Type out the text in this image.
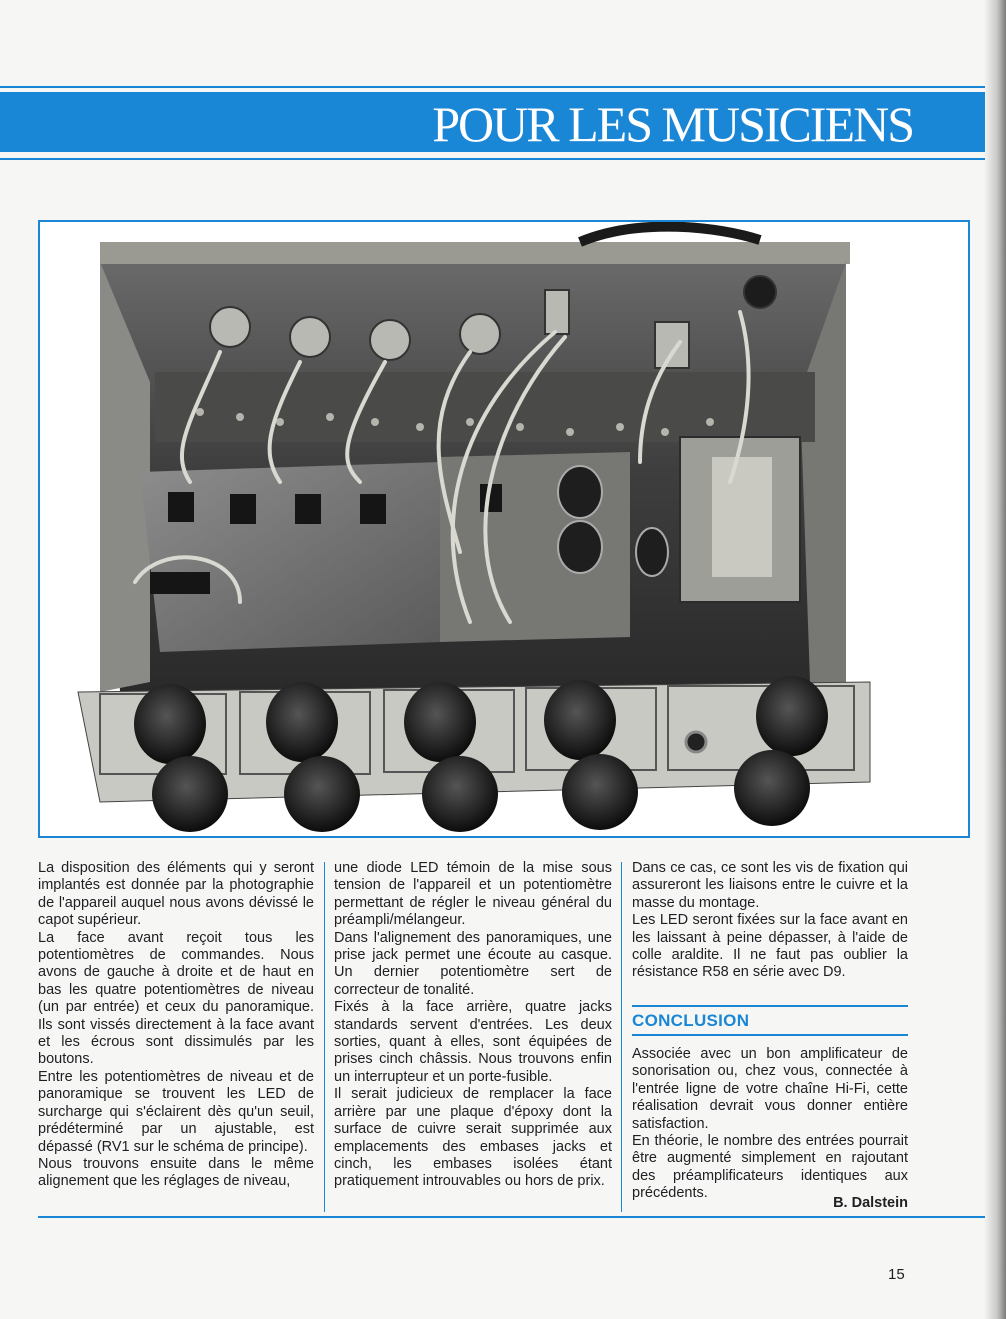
POUR LES MUSICIENS

La disposition des éléments qui y seront implantés est donnée par la photographie de l'appareil auquel nous avons dévissé le capot supérieur.

La face avant reçoit tous les potentiomètres de commandes. Nous avons de gauche à droite et de haut en bas les quatre potentiomètres de niveau (un par entrée) et ceux du panoramique. Ils sont vissés directement à la face avant et les écrous sont dissimulés par les boutons.

Entre les potentiomètres de niveau et de panoramique se trouvent les LED de surcharge qui s'éclairent dès qu'un seuil, prédéterminé par un ajustable, est dépassé (RV1 sur le schéma de principe).

Nous trouvons ensuite dans le même alignement que les réglages de niveau,

une diode LED témoin de la mise sous tension de l'appareil et un potentiomètre permettant de régler le niveau général du préampli/mélangeur.

Dans l'alignement des panoramiques, une prise jack permet une écoute au casque. Un dernier potentiomètre sert de correcteur de tonalité.

Fixés à la face arrière, quatre jacks standards servent d'entrées. Les deux sorties, quant à elles, sont équipées de prises cinch châssis. Nous trouvons enfin un interrupteur et un porte-fusible.

Il serait judicieux de remplacer la face arrière par une plaque d'époxy dont la surface de cuivre serait supprimée aux emplacements des embases jacks et cinch, les embases isolées étant pratiquement introuvables ou hors de prix.

Dans ce cas, ce sont les vis de fixation qui assureront les liaisons entre le cuivre et la masse du montage.

Les LED seront fixées sur la face avant en les laissant à peine dépasser, à l'aide de colle araldite. Il ne faut pas oublier la résistance R58 en série avec D9.

CONCLUSION

Associée avec un bon amplificateur de sonorisation ou, chez vous, connectée à l'entrée ligne de votre chaîne Hi-Fi, cette réalisation devrait vous donner entière satisfaction.

En théorie, le nombre des entrées pourrait être augmenté simplement en rajoutant des préamplificateurs identiques aux précédents.

B. Dalstein
15
